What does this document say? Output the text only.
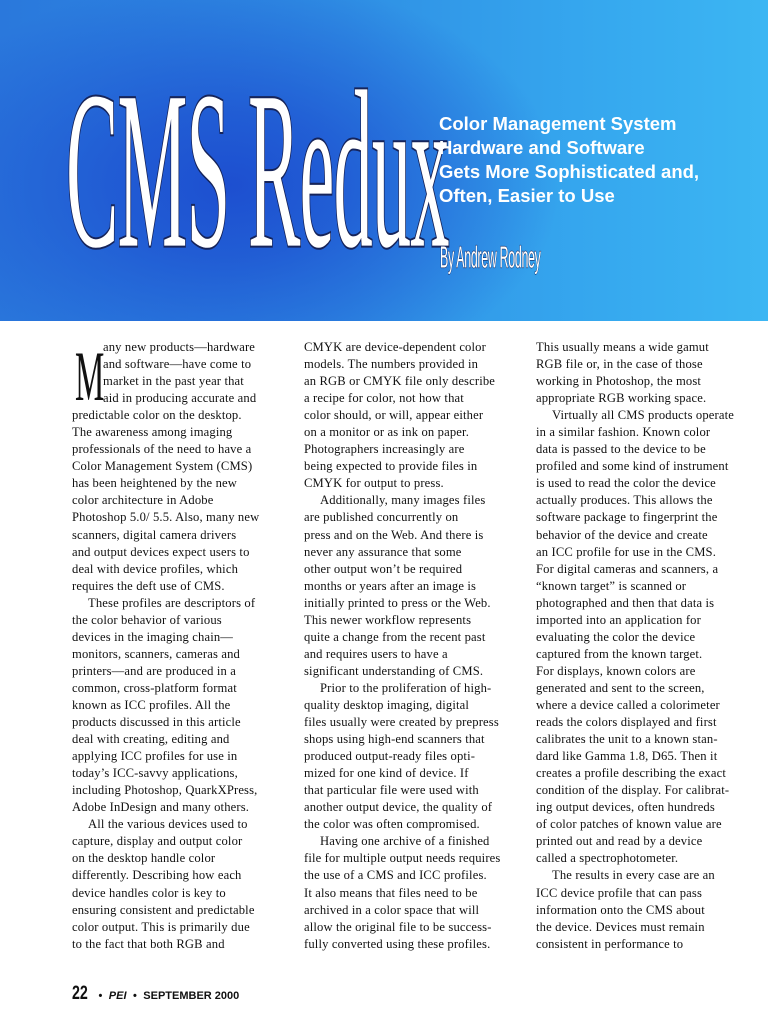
CMS Redux
Color Management System
Hardware and Software
Gets More Sophisticated and,
Often, Easier to Use
By Andrew Rodney
M
any new products—hardware
and software—have come to
market in the past year that
aid in producing accurate and
predictable color on the desktop.
The awareness among imaging
professionals of the need to have a
Color Management System (CMS)
has been heightened by the new
color architecture in Adobe
Photoshop 5.0/ 5.5. Also, many new
scanners, digital camera drivers
and output devices expect users to
deal with device profiles, which
requires the deft use of CMS.
These profiles are descriptors of
the color behavior of various
devices in the imaging chain—
monitors, scanners, cameras and
printers—and are produced in a
common, cross-platform format
known as ICC profiles. All the
products discussed in this article
deal with creating, editing and
applying ICC profiles for use in
today’s ICC-savvy applications,
including Photoshop, QuarkXPress,
Adobe InDesign and many others.
All the various devices used to
capture, display and output color
on the desktop handle color
differently. Describing how each
device handles color is key to
ensuring consistent and predictable
color output. This is primarily due
to the fact that both RGB and
CMYK are device-dependent color
models. The numbers provided in
an RGB or CMYK file only describe
a recipe for color, not how that
color should, or will, appear either
on a monitor or as ink on paper.
Photographers increasingly are
being expected to provide files in
CMYK for output to press.
Additionally, many images files
are published concurrently on
press and on the Web. And there is
never any assurance that some
other output won’t be required
months or years after an image is
initially printed to press or the Web.
This newer workflow represents
quite a change from the recent past
and requires users to have a
significant understanding of CMS.
Prior to the proliferation of high-
quality desktop imaging, digital
files usually were created by prepress
shops using high-end scanners that
produced output-ready files opti-
mized for one kind of device. If
that particular file were used with
another output device, the quality of
the color was often compromised.
Having one archive of a finished
file for multiple output needs requires
the use of a CMS and ICC profiles.
It also means that files need to be
archived in a color space that will
allow the original file to be success-
fully converted using these profiles.
This usually means a wide gamut
RGB file or, in the case of those
working in Photoshop, the most
appropriate RGB working space.
Virtually all CMS products operate
in a similar fashion. Known color
data is passed to the device to be
profiled and some kind of instrument
is used to read the color the device
actually produces. This allows the
software package to fingerprint the
behavior of the device and create
an ICC profile for use in the CMS.
For digital cameras and scanners, a
“known target” is scanned or
photographed and then that data is
imported into an application for
evaluating the color the device
captured from the known target.
For displays, known colors are
generated and sent to the screen,
where a device called a colorimeter
reads the colors displayed and first
calibrates the unit to a known stan-
dard like Gamma 1.8, D65. Then it
creates a profile describing the exact
condition of the display. For calibrat-
ing output devices, often hundreds
of color patches of known value are
printed out and read by a device
called a spectrophotometer.
The results in every case are an
ICC device profile that can pass
information onto the CMS about
the device. Devices must remain
consistent in performance to
22 • PEI • SEPTEMBER 2000
